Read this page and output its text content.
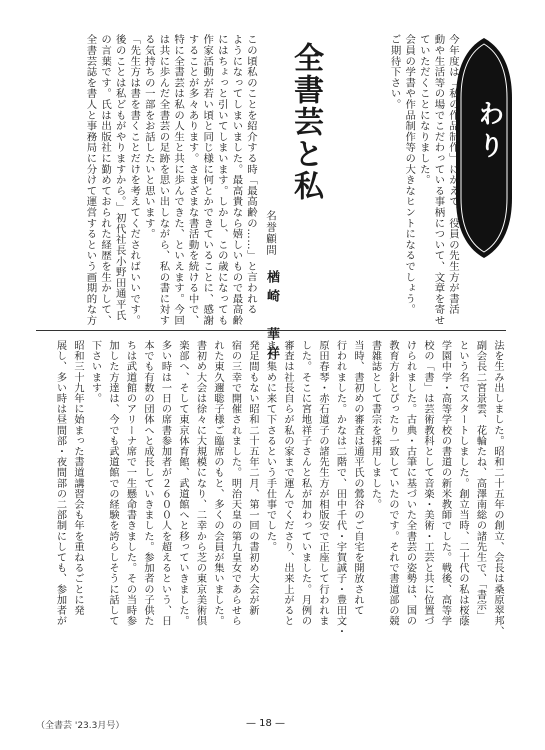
私のこだわり

今年度は「私の作品制作」にかえて、役員の先生方が書活

動や生活等の場でこだわっている事柄について、文章を寄せ

ていただくことになりました。

会員の学書や作品制作等の大きなヒントになるでしょう。

ご期待下さい。

全書芸と私
名誉顧問 楢崎　華祥

この頃私のことを紹介する時「最高齢の……」と言われる

ようになってしまいました。最高貴なら嬉しいもので最高齢

にはちょっと引いてしまいます。しかし、この歳になっても

作家活動が若い頃と同じ様に何とかできていることに、感謝

することが多々あります。さまざまな書活動を続ける中で、

特に全書芸は私の人生と共に歩んできた、といえます。今回

は共に歩んだ全書芸の足跡を思い出しながら、私の書に対す

る気持ちの一部をお話したいと思います。

「先生方は書を書くことだけを考えてくださればいいです。

後のことは私どもがやりますから。」初代社長小野田通平氏

の言葉です。氏は出版社に勤めておられた経歴を生かして、

全書芸誌を書人と事務局に分けて運営するという画期的な方

法を生み出しました。昭和二十五年の創立、会長は桑原翠邦、

副会長二宮景雲、花輪たね、高澤南総の諸先生で、「書宗」

という名でスタートしました。創立当時、二十代の私は桜蔭

学園中学・高等学校の書道の新米教師でした。戦後、高等学

校の「書」は芸術教科として音楽・美術・工芸と共に位置づ

けられました。古典・古筆に基づいた全書芸の姿勢は、国の

教育方針とぴったり一致していたのです。それで書道部の競

書雑誌として書宗を採用しました。

当時、書初めの審査は通平氏の鶯谷のご自宅を開放されて

行われました。かなは二階で、田中千代・宇賀誠子・豊田文・

原田春琴・赤石道子の諸先生方が相版安で正座して行われま

した。そこに宮地祥子さんと私が加わっていました。月例の

審査は社長自らが私の家まで運んでくださり、出来上がると

また集めに来て下さるという手仕事でした。

発足間もない昭和二十五年二月、第一回の書初め大会が新

宿の三幸で開催されました。明治天皇の第九皇女であらせら

れた東久邇聡子様ご臨席のもと、多くの会員が集いました。

書初め大会は徐々に大規模になり、二幸から芝の東京美術倶

楽部へ、そして東京体育館、武道館へと移っていきました。

多い時は一日の席書参加者が２６００人を超えるという、日

本でも有数の団体へと成長していきました。参加者の子供た

ちは武道館のアリーナ席で一生懸命書きました。その当時参

加した方達は、今でも武道館での経験を誇らしそうに話して

下さいます。

昭和三十九年に始まった書道講習会も年を重ねるごとに発

展し、多い時は昼間部・夜間部の二部制にしても、参加者が

（全書芸 '23.3月号）	— 18 —
